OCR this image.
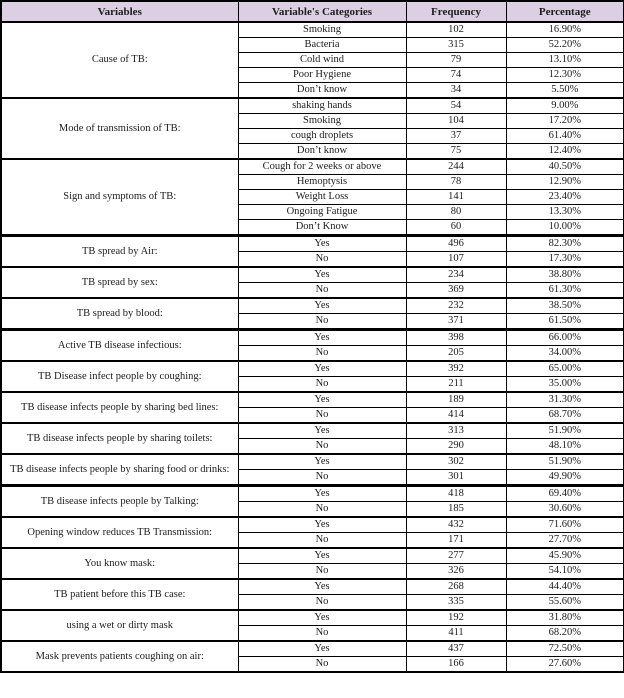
Variables	Variable's Categories	Frequency	Percentage
Cause of TB:	Smoking	102	16.90%
	Bacteria	315	52.20%
	Cold wind	79	13.10%
	Poor Hygiene	74	12.30%
	Don’t know	34	5.50%
Mode of transmission of TB:	shaking hands	54	9.00%
	Smoking	104	17.20%
	cough droplets	37	61.40%
	Don’t know	75	12.40%
Sign and symptoms of TB:	Cough for 2 weeks or above	244	40.50%
	Hemoptysis	78	12.90%
	Weight Loss	141	23.40%
	Ongoing Fatigue	80	13.30%
	Don’t Know	60	10.00%
TB spread by Air:	Yes	496	82.30%
	No	107	17.30%
TB spread by sex:	Yes	234	38.80%
	No	369	61.30%
TB spread by blood:	Yes	232	38.50%
	No	371	61.50%
Active TB disease infectious:	Yes	398	66.00%
	No	205	34.00%
TB Disease infect people by coughing:	Yes	392	65.00%
	No	211	35.00%
TB disease infects people by sharing bed lines:	Yes	189	31.30%
	No	414	68.70%
TB disease infects people by sharing toilets:	Yes	313	51.90%
	No	290	48.10%
TB disease infects people by sharing food or drinks:	Yes	302	51.90%
	No	301	49.90%
TB disease infects people by Talking:	Yes	418	69.40%
	No	185	30.60%
Opening window reduces TB Transmission:	Yes	432	71.60%
	No	171	27.70%
You know mask:	Yes	277	45.90%
	No	326	54.10%
TB patient before this TB case:	Yes	268	44.40%
	No	335	55.60%
using a wet or dirty mask	Yes	192	31.80%
	No	411	68.20%
Mask prevents patients coughing on air:	Yes	437	72.50%
	No	166	27.60%
